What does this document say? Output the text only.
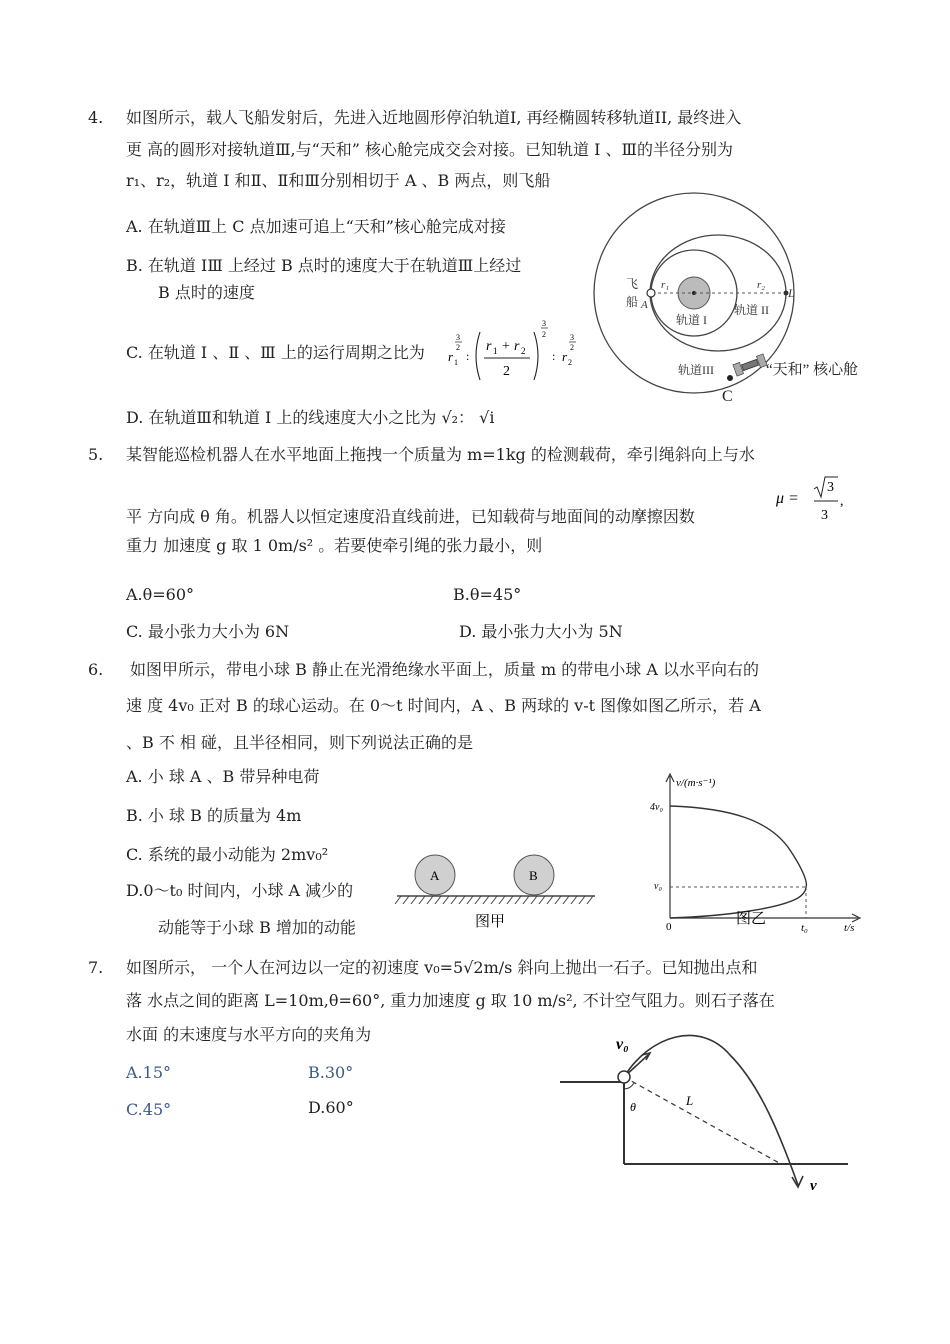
4. 如图所示，载人飞船发射后，先进入近地圆形停泊轨道I, 再经椭圆转移轨道II, 最终进入
更 高的圆形对接轨道Ⅲ,与“天和” 核心舱完成交会对接。已知轨道 I 、Ⅲ的半径分别为
r₁、r₂，轨道 I 和Ⅱ、Ⅱ和Ⅲ分别相切于 A 、B 两点，则飞船
A. 在轨道Ⅲ上 C 点加速可追上“天和”核心舱完成对接
B. 在轨道 IⅢ 上经过 B 点时的速度大于在轨道Ⅲ上经过
B 点时的速度
C. 在轨道 I 、Ⅱ 、Ⅲ 上的运行周期之比为 r 1
3
2
:
r 1 + r 2
2
3
2
: r 2
3
2
D. 在轨道Ⅲ和轨道 I 上的线速度大小之比为 √₂： √i
飞
船 A
r₁	r₂
L
轨道 I
轨道 II
轨道III	“天和” 核心舱
C
5. 某智能巡检机器人在水平地面上拖拽一个质量为 m=1kg 的检测载荷，牵引绳斜向上与水
平 方向成 θ 角。机器人以恒定速度沿直线前进，已知载荷与地面间的动摩擦因数
μ =
3
3
,
重力 加速度 g 取 1 0m/s² 。若要使牵引绳的张力最小，则
A.θ=60°	B.θ=45°
C. 最小张力大小为 6N	D. 最小张力大小为 5N
6. 如图甲所示，带电小球 B 静止在光滑绝缘水平面上，质量 m 的带电小球 A 以水平向右的
速 度 4v₀ 正对 B 的球心运动。在 0～t 时间内，A 、B 两球的 v-t 图像如图乙所示，若 A
、B 不 相 碰，且半径相同，则下列说法正确的是
A. 小 球 A 、B 带异种电荷
B. 小 球 B 的质量为 4m
C. 系统的最小动能为 2mv₀²
D.0～t₀ 时间内，小球 A 减少的
动能等于小球 B 增加的动能
A	B
图甲
v/(m·s⁻¹)
4v₀
v₀
0	t₀	t/s
图乙
7. 如图所示， 一个人在河边以一定的初速度 v₀=5√2m/s 斜向上抛出一石子。已知抛出点和
落 水点之间的距离 L=10m,θ=60°, 重力加速度 g 取 10 m/s², 不计空气阻力。则石子落在
水面 的末速度与水平方向的夹角为
A.15°	B.30°
C.45°	D.60°
v₀
θ	L
v
